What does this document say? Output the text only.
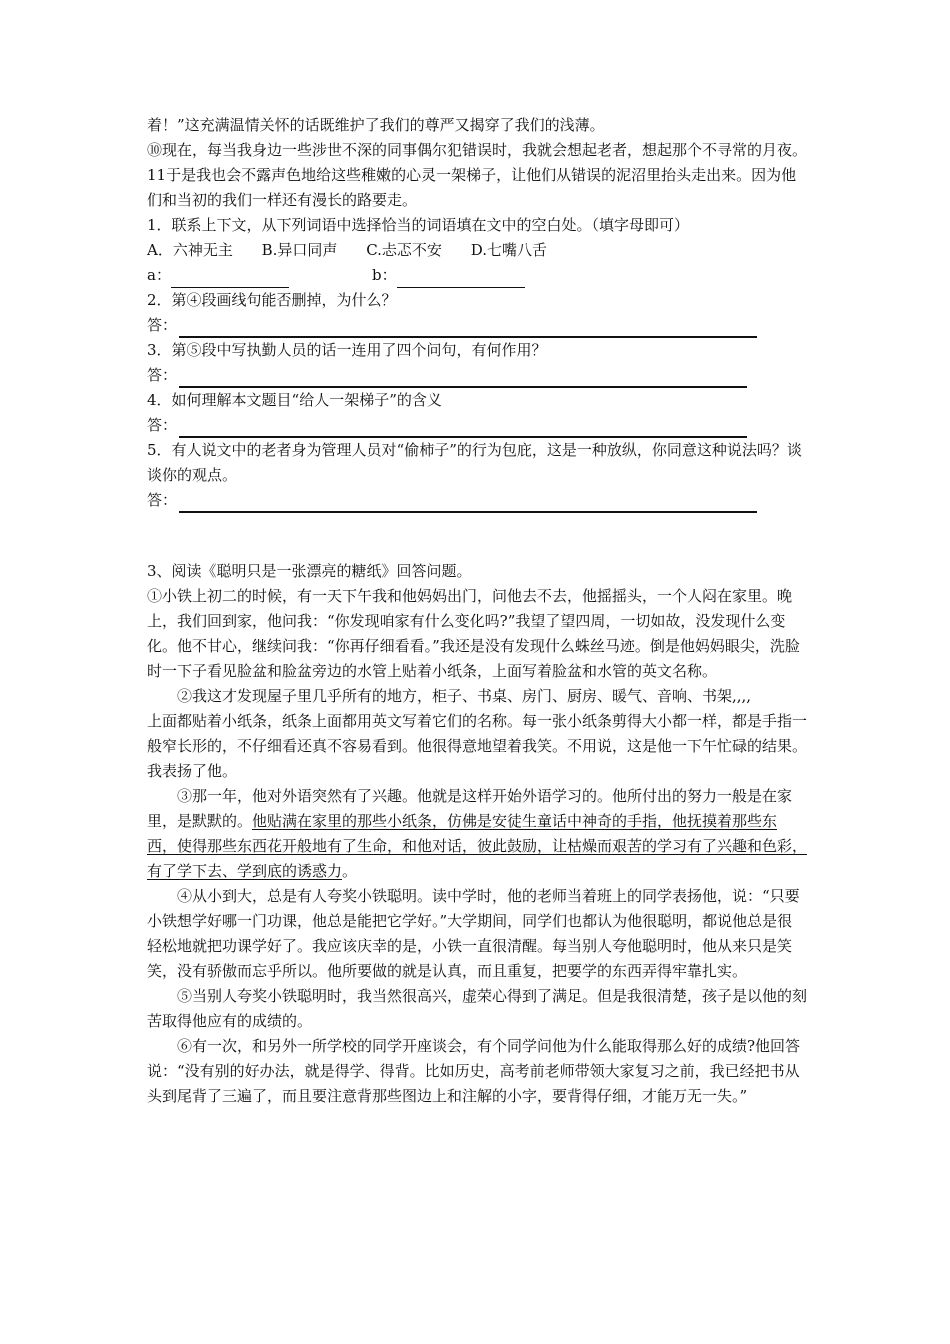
着！”这充满温情关怀的话既维护了我们的尊严又揭穿了我们的浅薄。

⑩现在，每当我身边一些涉世不深的同事偶尔犯错误时，我就会想起老者，想起那个不寻常的月夜。

11于是我也会不露声色地给这些稚嫩的心灵一架梯子，让他们从错误的泥沼里抬头走出来。因为他们和当初的我们一样还有漫长的路要走。

1．联系上下文，从下列词语中选择恰当的词语填在文中的空白处。（填字母即可）

A．六神无主 B.异口同声 C.忐忑不安 D.七嘴八舌

a：	b：

2．第④段画线句能否删掉，为什么？

答：

3．第⑤段中写执勤人员的话一连用了四个问句，有何作用？

答：

4．如何理解本文题目“给人一架梯子”的含义

答：

5．有人说文中的老者身为管理人员对“偷柿子”的行为包庇，这是一种放纵，你同意这种说法吗？谈谈你的观点。

答：

3、阅读《聪明只是一张漂亮的糖纸》回答问题。

①小铁上初二的时候，有一天下午我和他妈妈出门，问他去不去，他摇摇头，一个人闷在家里。晚上，我们回到家，他问我：“你发现咱家有什么变化吗?”我望了望四周，一切如故，没发现什么变化。他不甘心，继续问我：“你再仔细看看。”我还是没有发现什么蛛丝马迹。倒是他妈妈眼尖，洗脸时一下子看见脸盆和脸盆旁边的水管上贴着小纸条，上面写着脸盆和水管的英文名称。

②我这才发现屋子里几乎所有的地方，柜子、书桌、房门、厨房、暖气、音响、书架,,,,

上面都贴着小纸条，纸条上面都用英文写着它们的名称。每一张小纸条剪得大小都一样，都是手指一般窄长形的，不仔细看还真不容易看到。他很得意地望着我笑。不用说，这是他一下午忙碌的结果。我表扬了他。

③那一年，他对外语突然有了兴趣。他就是这样开始外语学习的。他所付出的努力一般是在家里，是默默的。他贴满在家里的那些小纸条，仿佛是安徒生童话中神奇的手指，他抚摸着那些东西，使得那些东西花开般地有了生命，和他对话，彼此鼓励，让枯燥而艰苦的学习有了兴趣和色彩，有了学下去、学到底的诱惑力。

④从小到大，总是有人夸奖小铁聪明。读中学时，他的老师当着班上的同学表扬他，说：“只要小铁想学好哪一门功课，他总是能把它学好。”大学期间，同学们也都认为他很聪明，都说他总是很轻松地就把功课学好了。我应该庆幸的是，小铁一直很清醒。每当别人夸他聪明时，他从来只是笑笑，没有骄傲而忘乎所以。他所要做的就是认真，而且重复，把要学的东西弄得牢靠扎实。

⑤当别人夸奖小铁聪明时，我当然很高兴，虚荣心得到了满足。但是我很清楚，孩子是以他的刻苦取得他应有的成绩的。

⑥有一次，和另外一所学校的同学开座谈会，有个同学问他为什么能取得那么好的成绩?他回答说：“没有别的好办法，就是得学、得背。比如历史，高考前老师带领大家复习之前，我已经把书从头到尾背了三遍了，而且要注意背那些图边上和注解的小字，要背得仔细，才能万无一失。”
